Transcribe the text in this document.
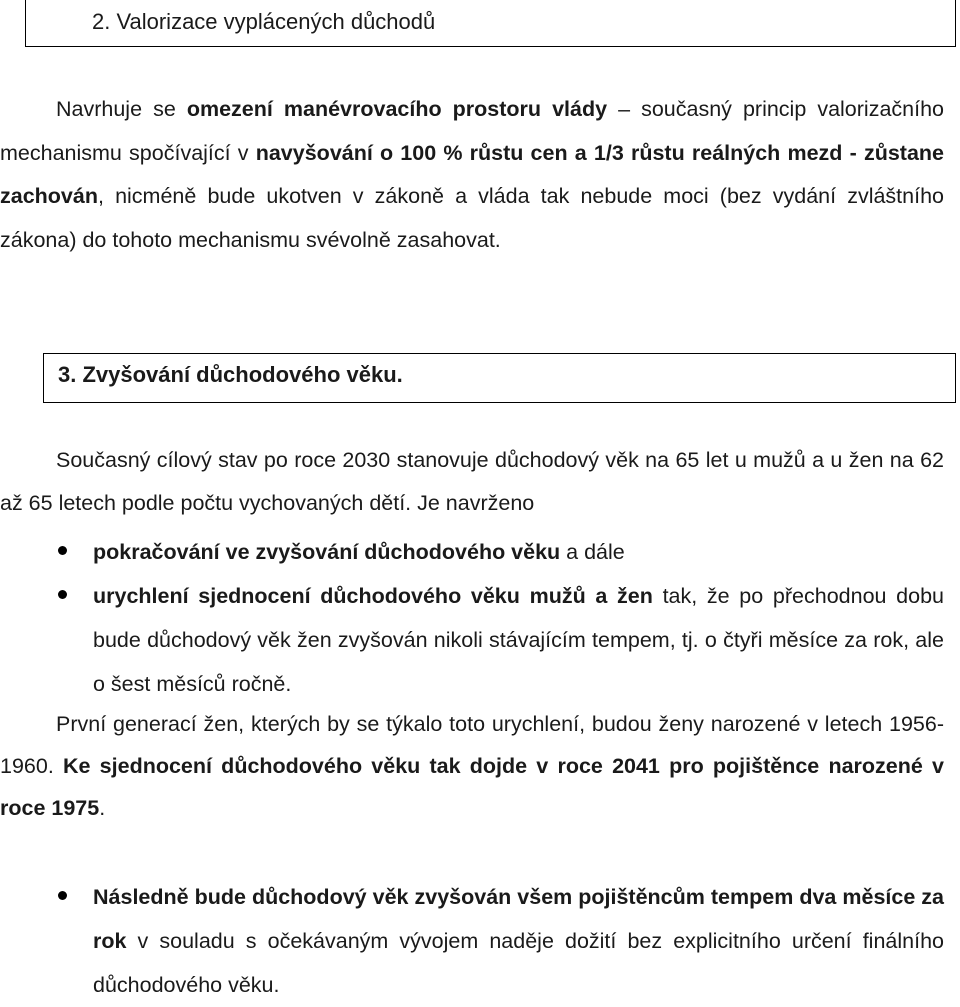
2. Valorizace vyplácených důchodů

Navrhuje se omezení manévrovacího prostoru vlády – současný princip valorizačního mechanismu spočívající v navyšování o 100 % růstu cen a 1/3 růstu reálných mezd - zůstane zachován, nicméně bude ukotven v zákoně a vláda tak nebude moci (bez vydání zvláštního zákona) do tohoto mechanismu svévolně zasahovat.

3. Zvyšování důchodového věku.

Současný cílový stav po roce 2030 stanovuje důchodový věk na 65 let u mužů a u žen na 62 až 65 letech podle počtu vychovaných dětí. Je navrženo

pokračování ve zvyšování důchodového věku a dále
urychlení sjednocení důchodového věku mužů a žen tak, že po přechodnou dobu bude důchodový věk žen zvyšován nikoli stávajícím tempem, tj. o čtyři měsíce za rok, ale o šest měsíců ročně.

První generací žen, kterých by se týkalo toto urychlení, budou ženy narozené v letech 1956-1960. Ke sjednocení důchodového věku tak dojde v roce 2041 pro pojištěnce narozené v roce 1975.

Následně bude důchodový věk zvyšován všem pojištěncům tempem dva měsíce za rok v souladu s očekávaným vývojem naděje dožití bez explicitního určení finálního důchodového věku.
